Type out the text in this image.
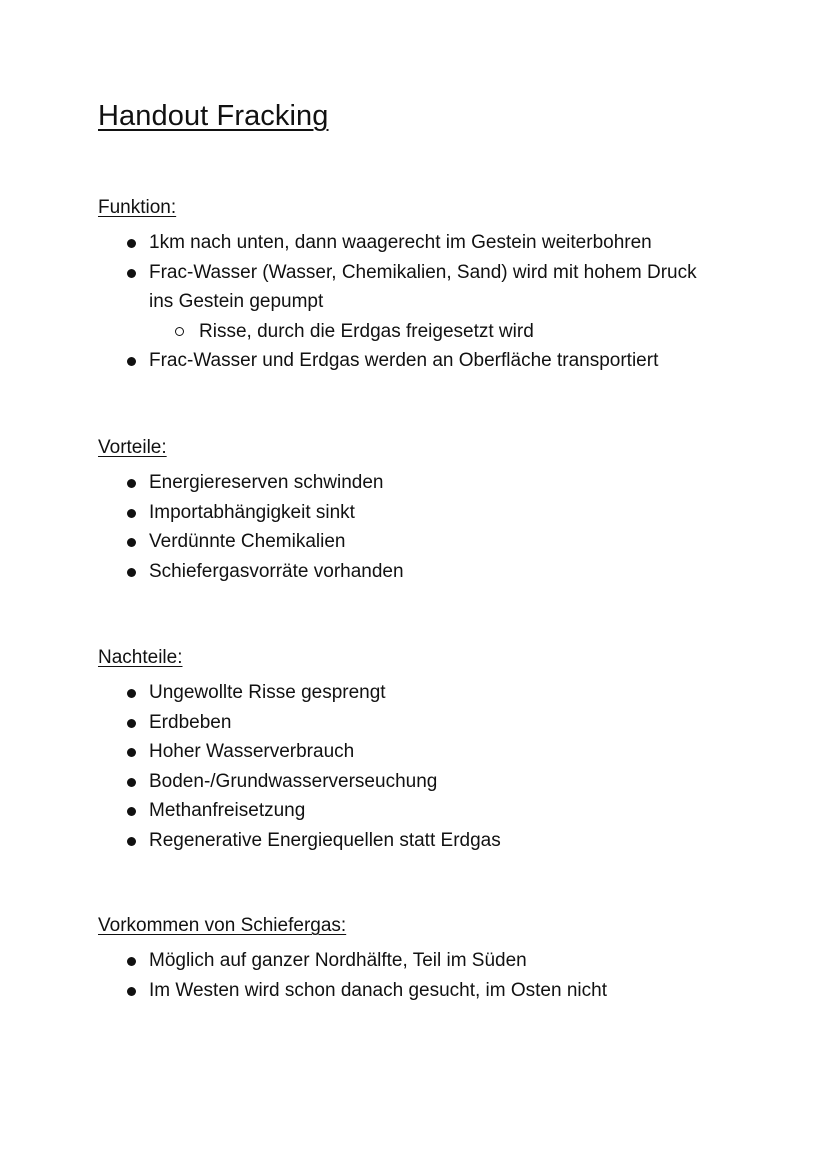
Handout Fracking
Funktion:
1km nach unten, dann waagerecht im Gestein weiterbohren
Frac-Wasser (Wasser, Chemikalien, Sand) wird mit hohem Druck ins Gestein gepumpt
Risse, durch die Erdgas freigesetzt wird
Frac-Wasser und Erdgas werden an Oberfläche transportiert
Vorteile:
Energiereserven schwinden
Importabhängigkeit sinkt
Verdünnte Chemikalien
Schiefergasvorräte vorhanden
Nachteile:
Ungewollte Risse gesprengt
Erdbeben
Hoher Wasserverbrauch
Boden-/Grundwasserverseuchung
Methanfreisetzung
Regenerative Energiequellen statt Erdgas
Vorkommen von Schiefergas:
Möglich auf ganzer Nordhälfte, Teil im Süden
Im Westen wird schon danach gesucht, im Osten nicht
